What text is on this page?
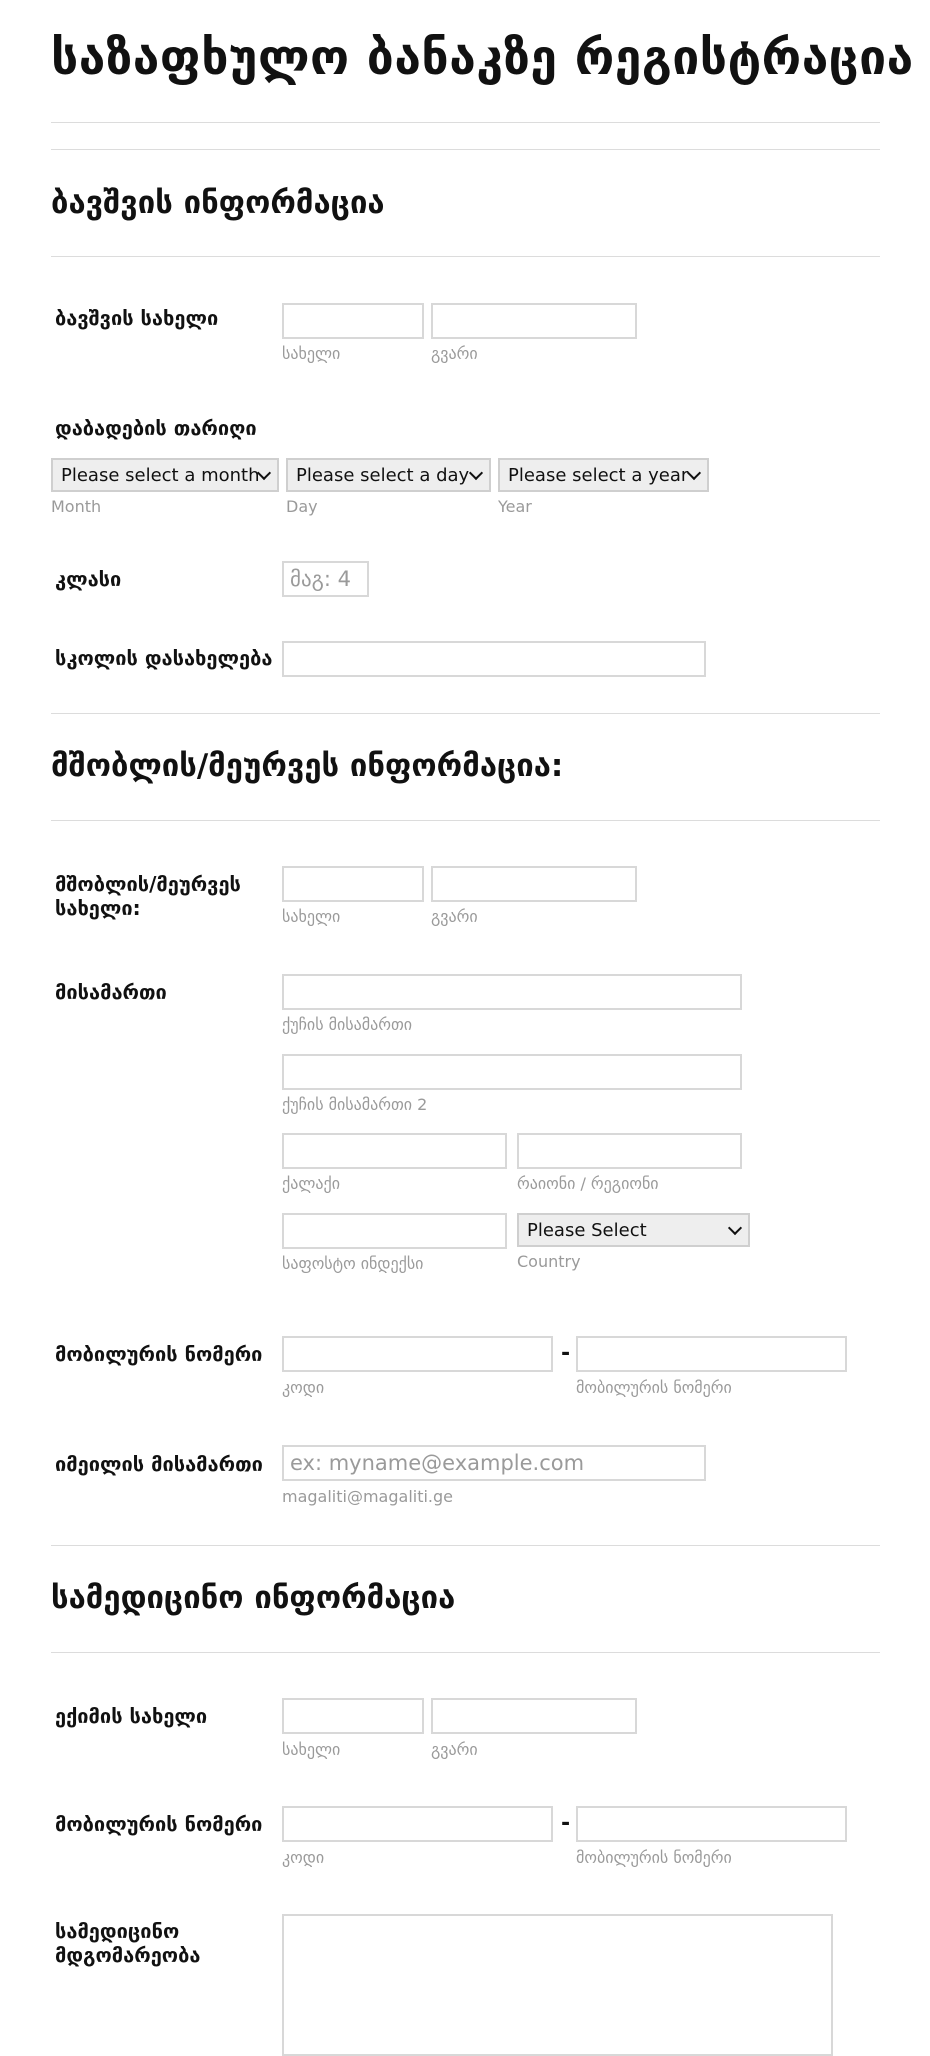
საზაფხულო ბანაკზე რეგისტრაცია
ბავშვის ინფორმაცია
ბავშვის სახელი
სახელი	გვარი
დაბადების თარიღი
Please select a month Please select a day Please select a year
Month	Day	Year
კლასი
მაგ: 4
სკოლის დასახელება
მშობლის/მეურვეს ინფორმაცია:
მშობლის/მეურვეს სახელი:	სახელი	გვარი
მისამართი
ქუჩის მისამართი
ქუჩის მისამართი 2
ქალაქი	რაიონი / რეგიონი
Please Select
საფოსტო ინდექსი	Country
მობილურის ნომერი	-
კოდი	მობილურის ნომერი
იმეილის მისამართი
ex: myname@example.com
magaliti@magaliti.ge
სამედიცინო ინფორმაცია
ექიმის სახელი
სახელი	გვარი
მობილურის ნომერი	-
კოდი	მობილურის ნომერი
სამედიცინო მდგომარეობა
